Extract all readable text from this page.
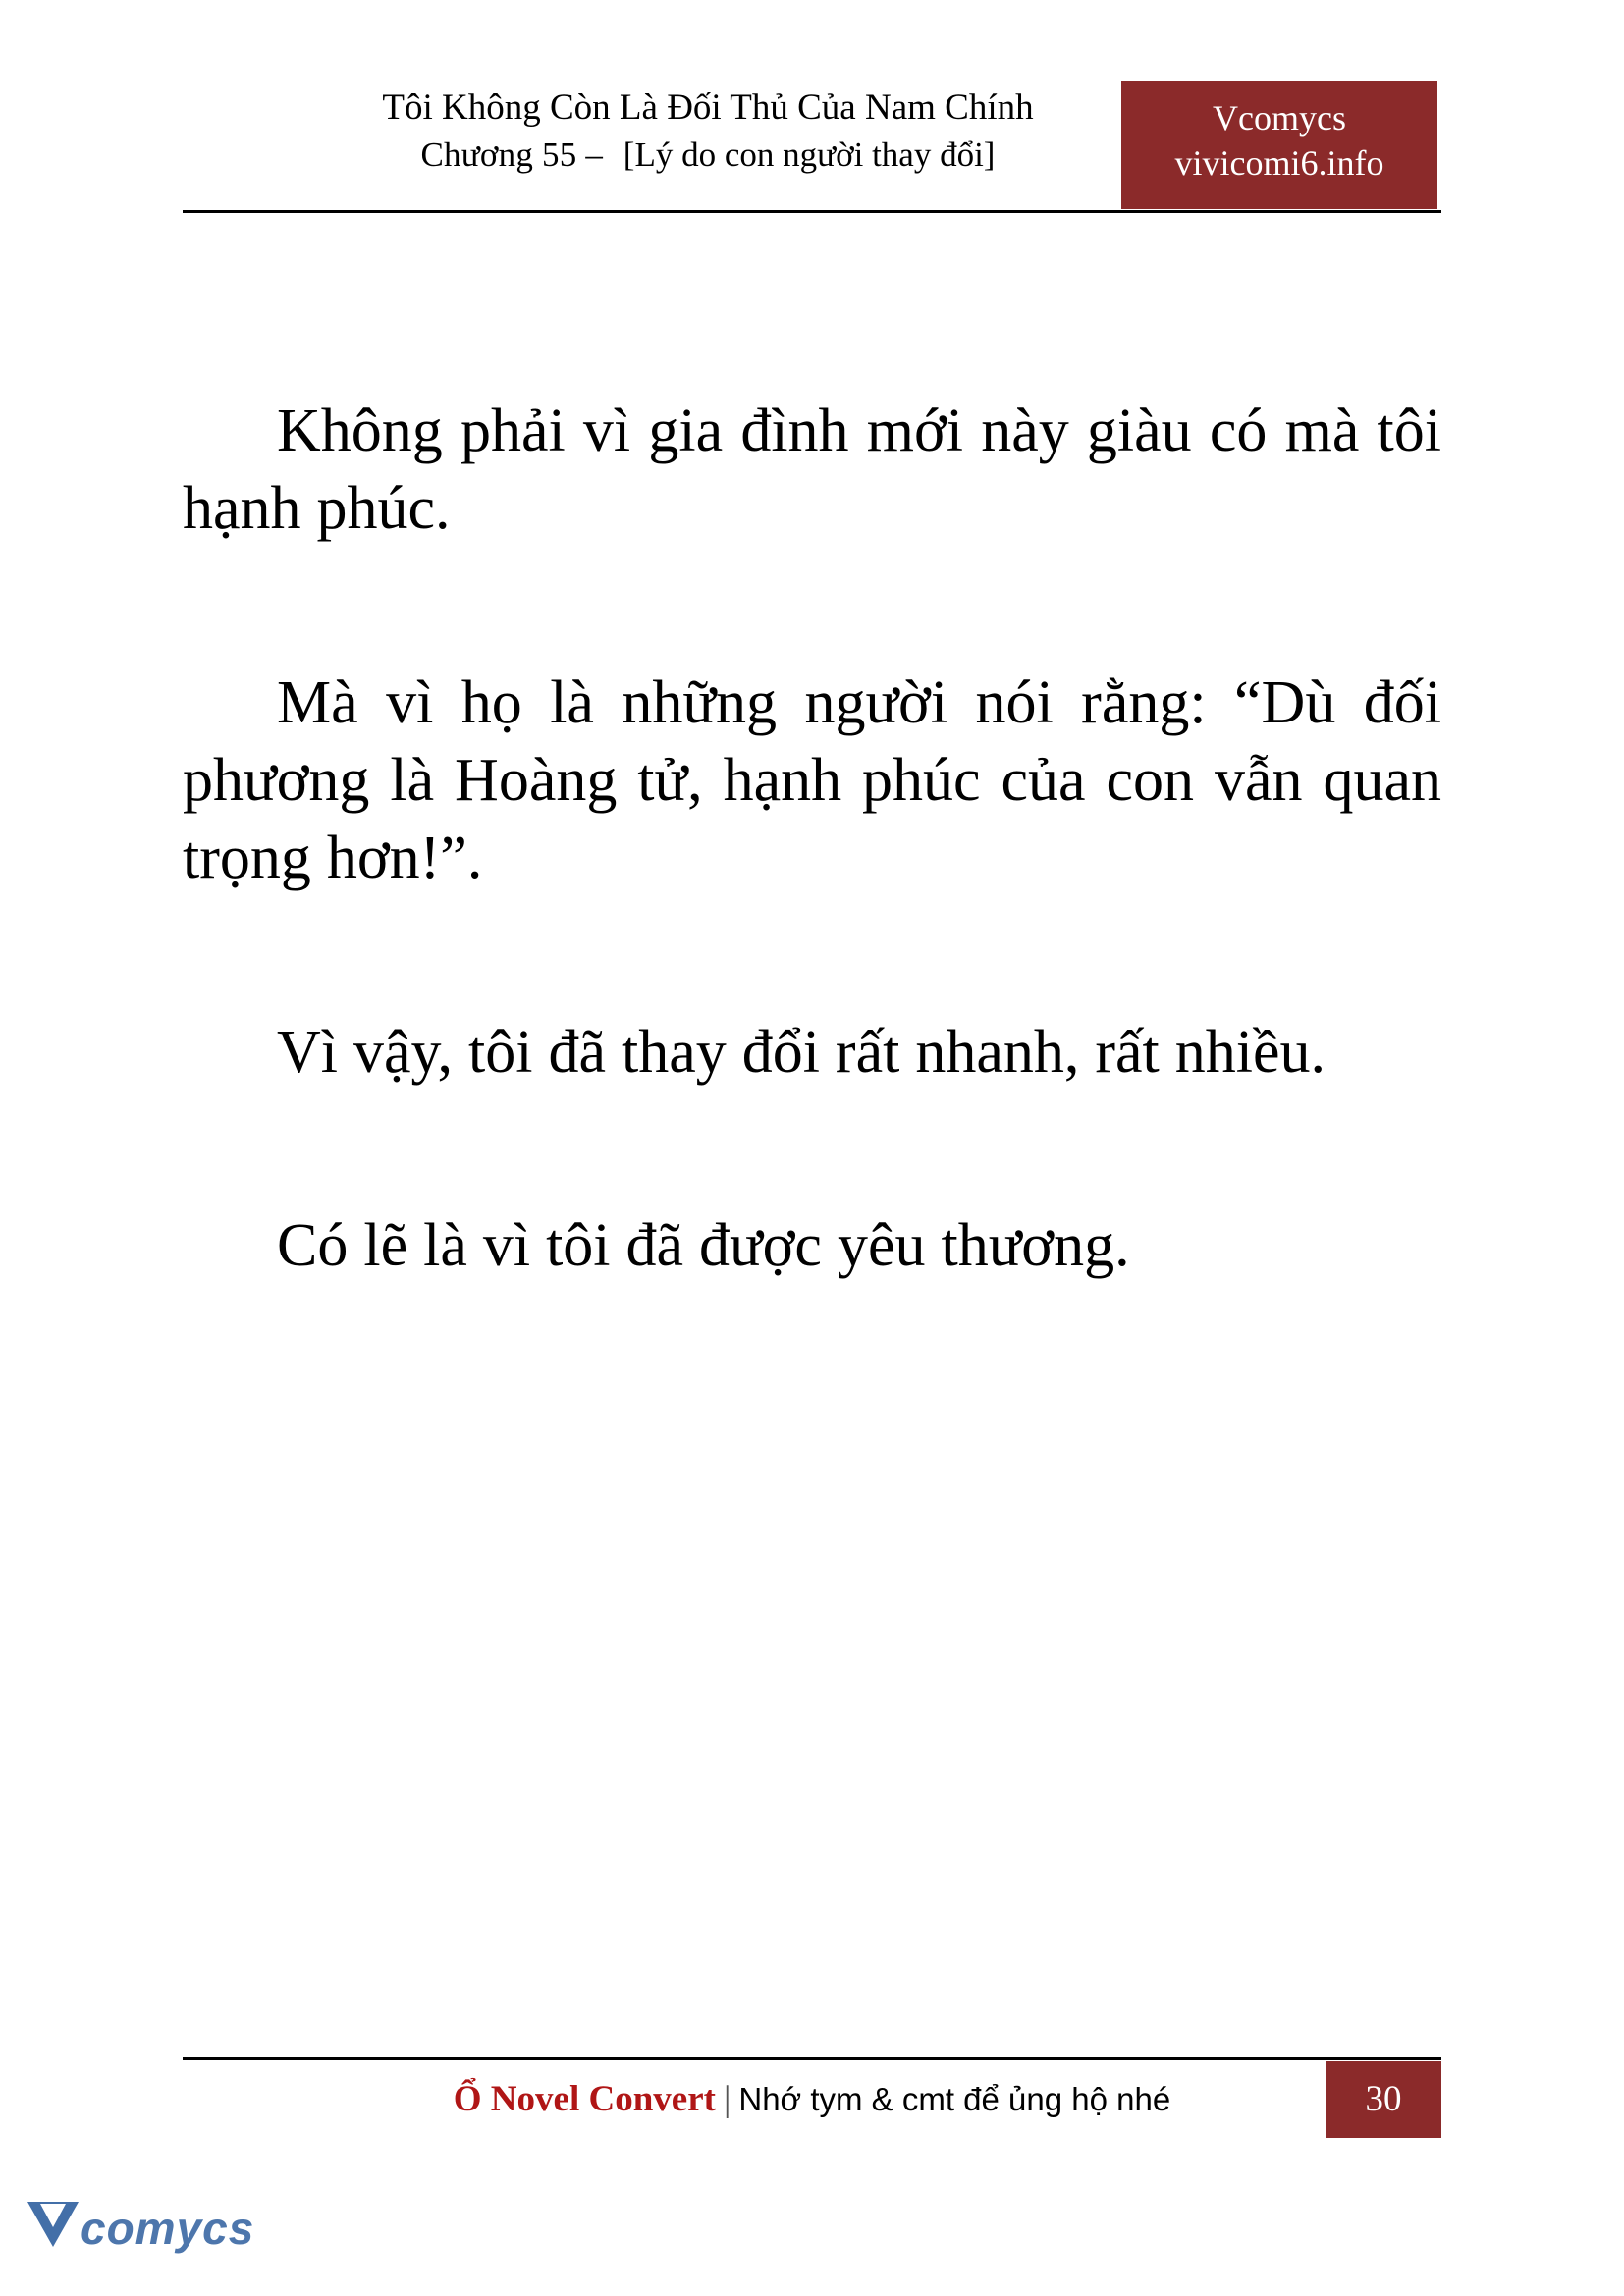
Tôi Không Còn Là Đối Thủ Của Nam Chính
Chương 55 – [Lý do con người thay đổi]
Vcomycs
vivicomi6.info

Không phải vì gia đình mới này giàu có mà tôi hạnh phúc.

Mà vì họ là những người nói rằng: “Dù đối phương là Hoàng tử, hạnh phúc của con vẫn quan trọng hơn!”.

Vì vậy, tôi đã thay đổi rất nhanh, rất nhiều.

Có lẽ là vì tôi đã được yêu thương.

Ổ Novel Convert | Nhớ tym & cmt để ủng hộ nhé	30
comycs
